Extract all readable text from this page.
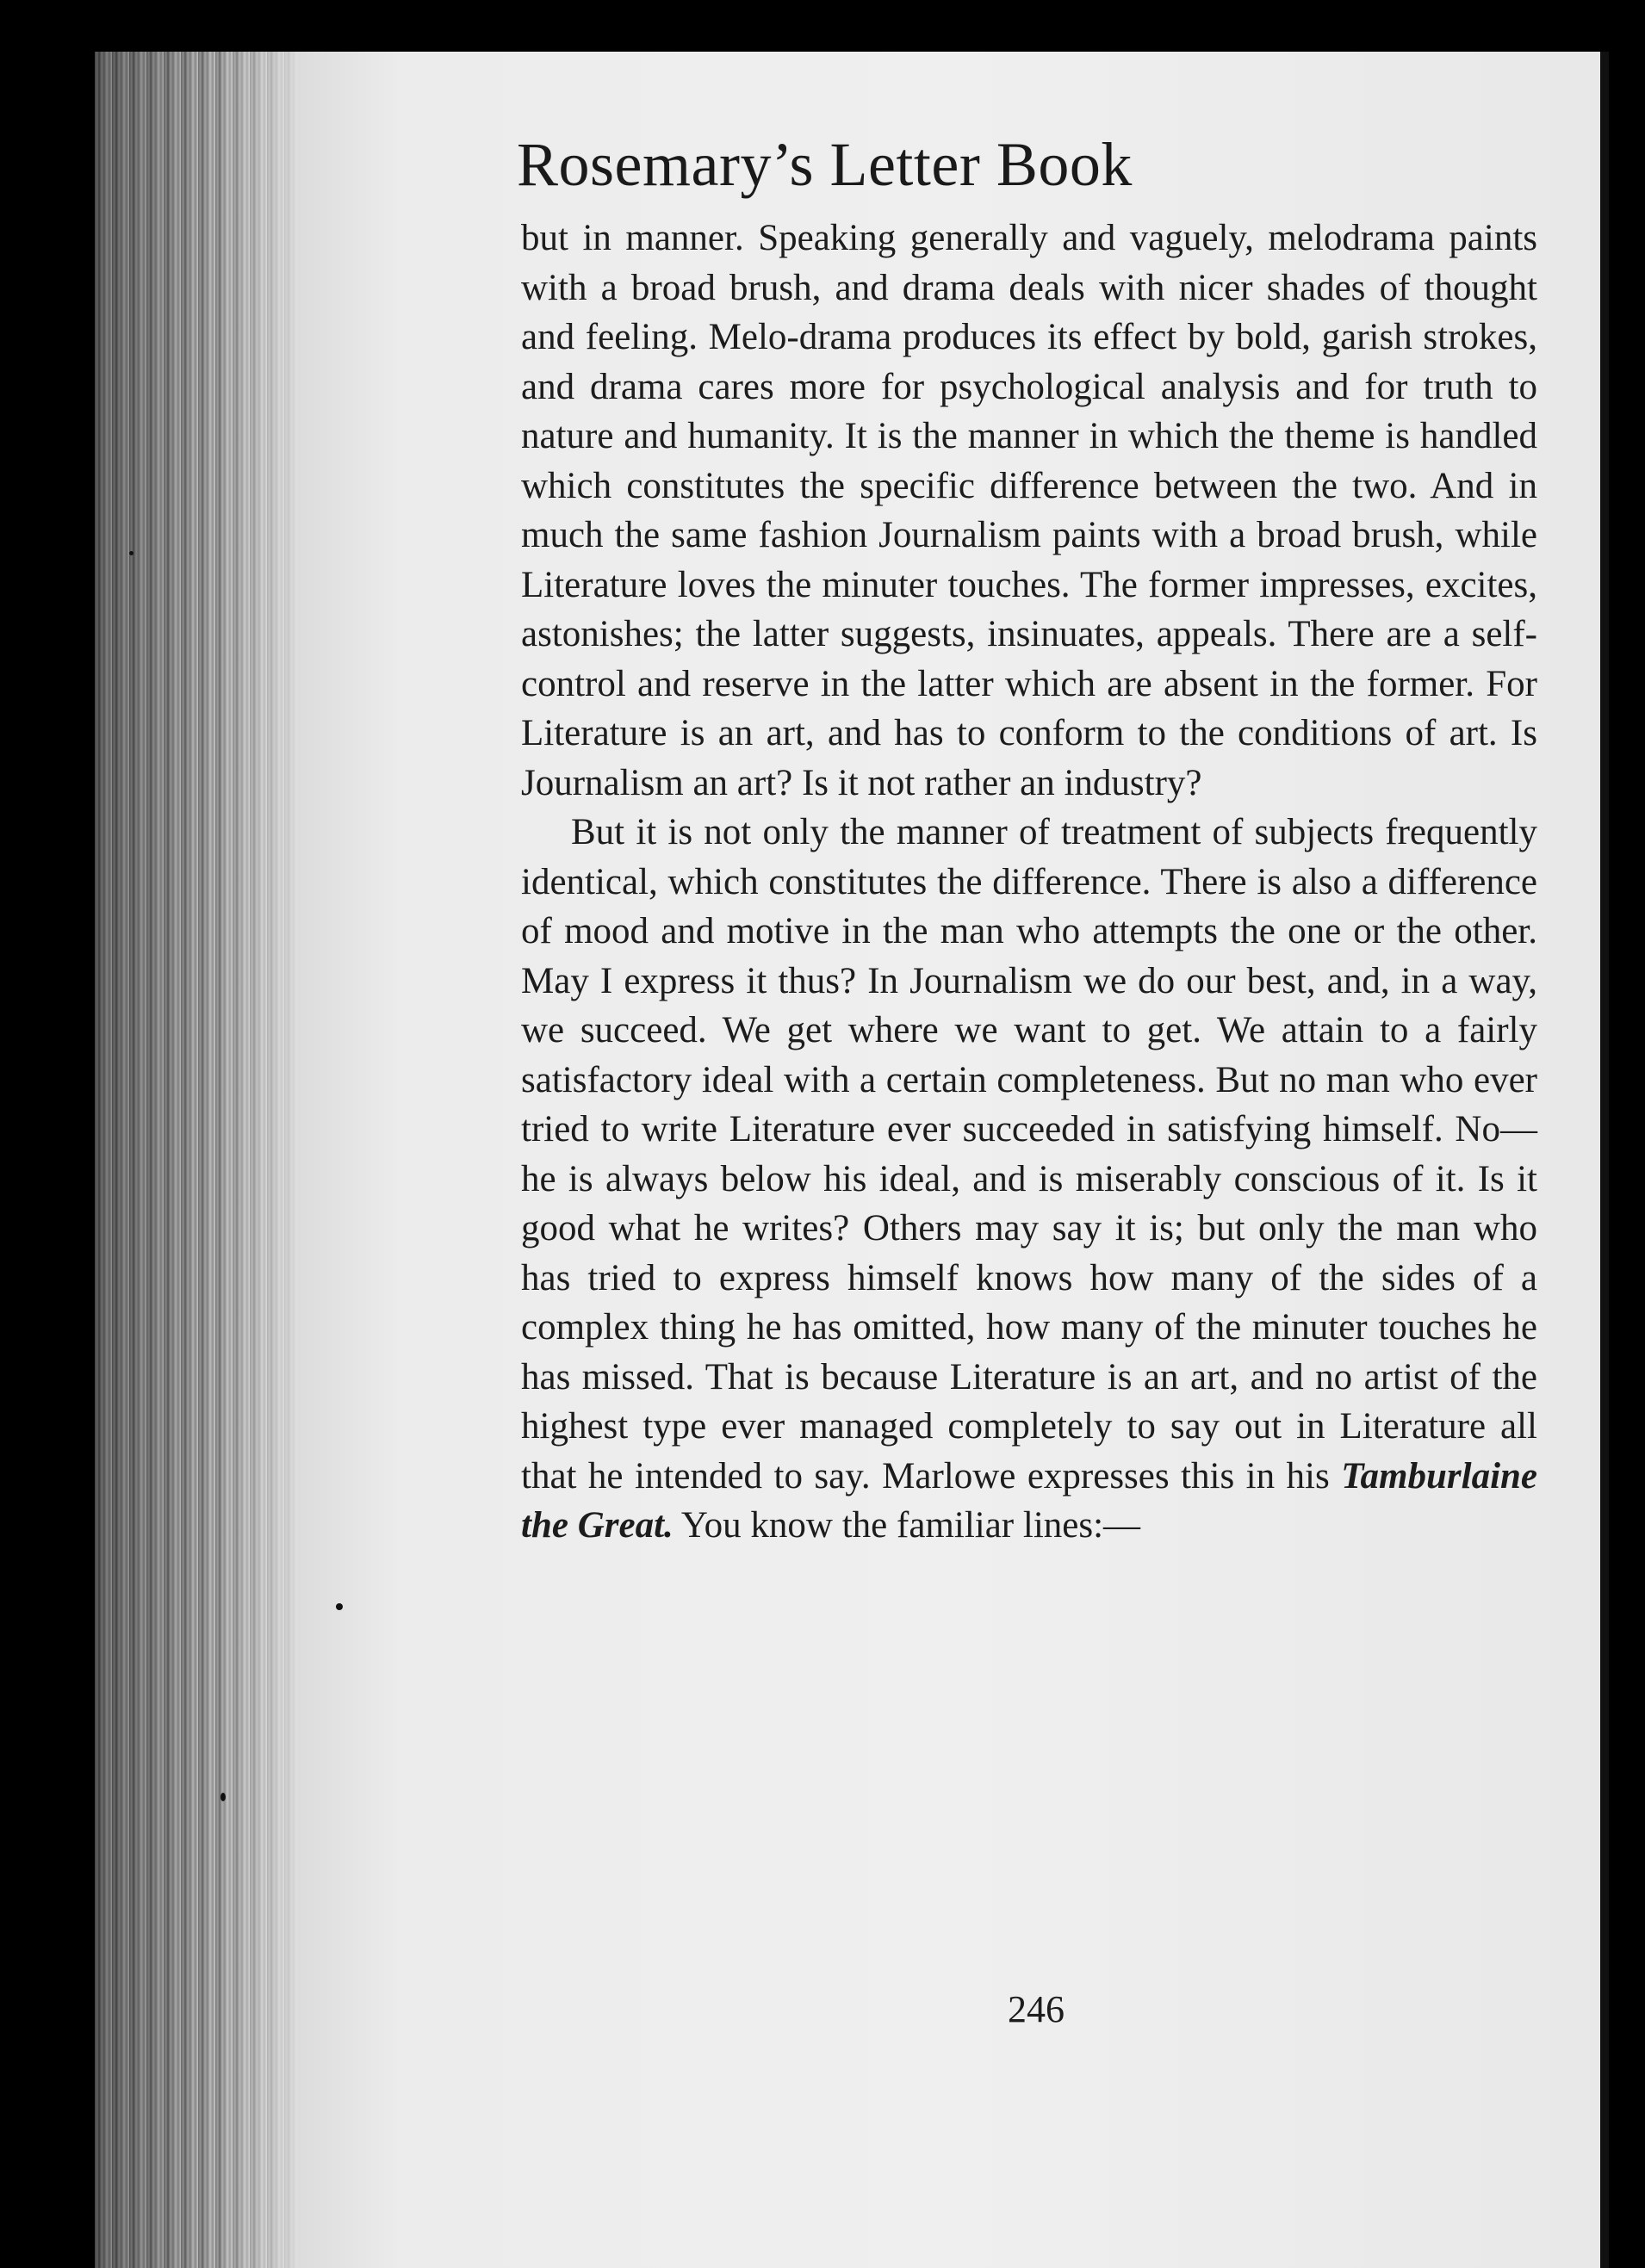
Rosemary’s Letter Book

but in manner. Speaking generally and vaguely, melodrama paints with a broad brush, and drama deals with nicer shades of thought and feeling. Melo-drama produces its effect by bold, garish strokes, and drama cares more for psychological analysis and for truth to nature and humanity. It is the manner in which the theme is handled which constitutes the specific difference between the two. And in much the same fashion Journalism paints with a broad brush, while Literature loves the minuter touches. The former impresses, excites, astonishes; the latter suggests, insinuates, appeals. There are a self-control and reserve in the latter which are absent in the former. For Literature is an art, and has to conform to the conditions of art. Is Journalism an art? Is it not rather an industry?

But it is not only the manner of treatment of subjects frequently identical, which constitutes the difference. There is also a difference of mood and motive in the man who attempts the one or the other. May I express it thus? In Journalism we do our best, and, in a way, we succeed. We get where we want to get. We attain to a fairly satisfactory ideal with a certain completeness. But no man who ever tried to write Literature ever succeeded in satisfying himself. No—he is always below his ideal, and is miserably conscious of it. Is it good what he writes? Others may say it is; but only the man who has tried to express himself knows how many of the sides of a complex thing he has omitted, how many of the minuter touches he has missed. That is because Literature is an art, and no artist of the highest type ever managed completely to say out in Literature all that he intended to say. Marlowe expresses this in his Tamburlaine the Great. You know the familiar lines:—

246
